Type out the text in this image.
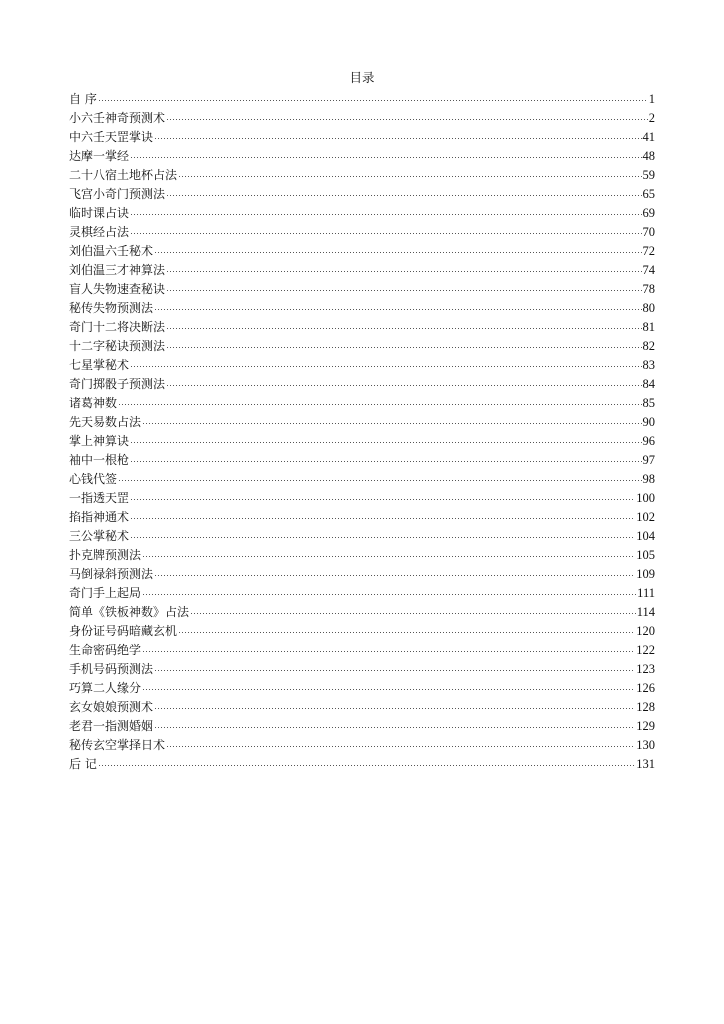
目录
自 序	1
小六壬神奇预测术	2
中六壬天罡掌诀	41
达摩一掌经	48
二十八宿土地杯占法	59
飞宫小奇门预测法	65
临时课占诀	69
灵棋经占法	70
刘伯温六壬秘术	72
刘伯温三才神算法	74
盲人失物速查秘诀	78
秘传失物预测法	80
奇门十二将决断法	81
十二字秘诀预测法	82
七星掌秘术	83
奇门掷骰子预测法	84
诸葛神数	85
先天易数占法	90
掌上神算诀	96
袖中一根枪	97
心钱代签	98
一指透天罡	100
掐指神通术	102
三公掌秘术	104
扑克牌预测法	105
马倒禄斜预测法	109
奇门手上起局	111
简单《铁板神数》占法	114
身份证号码暗藏玄机	120
生命密码绝学	122
手机号码预测法	123
巧算二人缘分	126
玄女娘娘预测术	128
老君一指测婚姻	129
秘传玄空掌择日术	130
后 记	131
